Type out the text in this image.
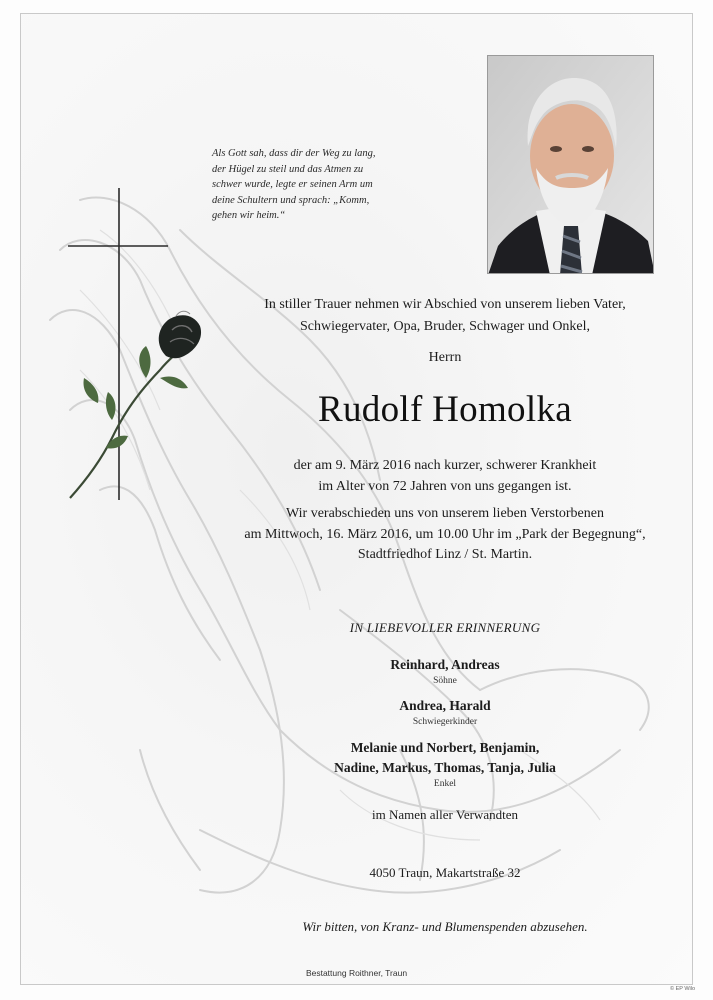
Als Gott sah, dass dir der Weg zu lang,
der Hügel zu steil und das Atmen zu
schwer wurde, legte er seinen Arm um
deine Schultern und sprach: „Komm,
gehen wir heim.“
In stiller Trauer nehmen wir Abschied von unserem lieben Vater,
Schwiegervater, Opa, Bruder, Schwager und Onkel,
Herrn
Rudolf Homolka
der am 9. März 2016 nach kurzer, schwerer Krankheit
im Alter von 72 Jahren von uns gegangen ist.
Wir verabschieden uns von unserem lieben Verstorbenen
am Mittwoch, 16. März 2016, um 10.00 Uhr im „Park der Begegnung“,
Stadtfriedhof Linz / St. Martin.
IN LIEBEVOLLER ERINNERUNG
Reinhard, Andreas
Söhne
Andrea, Harald
Schwiegerkinder
Melanie und Norbert, Benjamin,
Nadine, Markus, Thomas, Tanja, Julia
Enkel
im Namen aller Verwandten
4050 Traun, Makartstraße 32
Wir bitten, von Kranz- und Blumenspenden abzusehen.
Bestattung Roithner, Traun
© EP Wilo
